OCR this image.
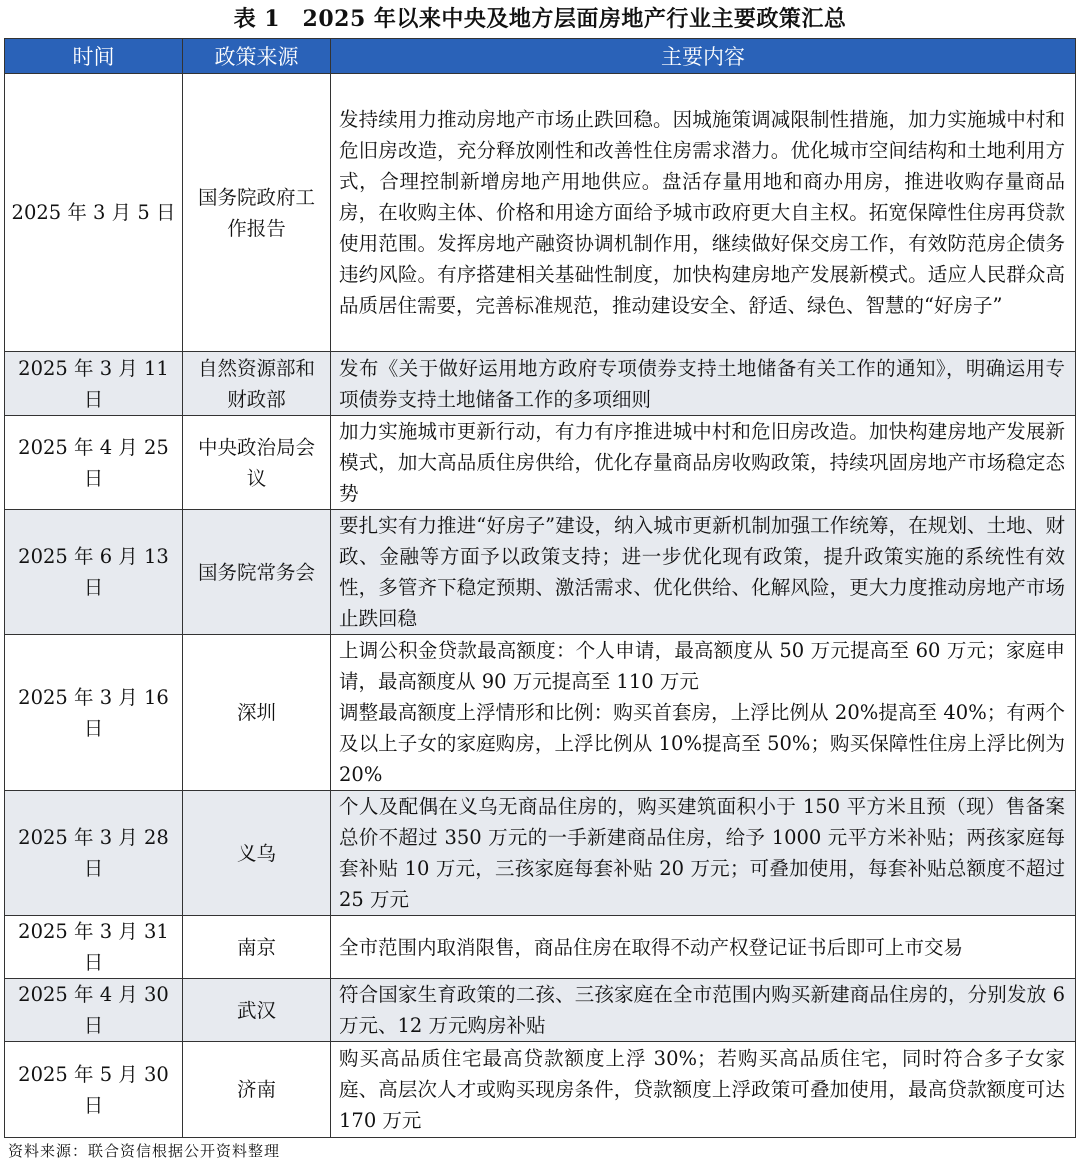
表 1　2025 年以来中央及地方层面房地产行业主要政策汇总
时间	政策来源	主要内容
2025 年 3 月 5 日	国务院政府工作报告	发持续用力推动房地产市场止跌回稳。因城施策调减限制性措施，加力实施城中村和危旧房改造，充分释放刚性和改善性住房需求潜力。优化城市空间结构和土地利用方式，合理控制新增房地产用地供应。盘活存量用地和商办用房，推进收购存量商品房，在收购主体、价格和用途方面给予城市政府更大自主权。拓宽保障性住房再贷款使用范围。发挥房地产融资协调机制作用，继续做好保交房工作，有效防范房企债务违约风险。有序搭建相关基础性制度，加快构建房地产发展新模式。适应人民群众高品质居住需要，完善标准规范，推动建设安全、舒适、绿色、智慧的“好房子”
2025 年 3 月 11 日	自然资源部和财政部	发布《关于做好运用地方政府专项债券支持土地储备有关工作的通知》，明确运用专项债券支持土地储备工作的多项细则
2025 年 4 月 25 日	中央政治局会议	加力实施城市更新行动，有力有序推进城中村和危旧房改造。加快构建房地产发展新模式，加大高品质住房供给，优化存量商品房收购政策，持续巩固房地产市场稳定态势
2025 年 6 月 13 日	国务院常务会	要扎实有力推进“好房子”建设，纳入城市更新机制加强工作统筹，在规划、土地、财政、金融等方面予以政策支持；进一步优化现有政策，提升政策实施的系统性有效性，多管齐下稳定预期、激活需求、优化供给、化解风险，更大力度推动房地产市场止跌回稳
2025 年 3 月 16 日	深圳	上调公积金贷款最高额度：个人申请，最高额度从 50 万元提高至 60 万元；家庭申请，最高额度从 90 万元提高至 110 万元
调整最高额度上浮情形和比例：购买首套房，上浮比例从 20%提高至 40%；有两个及以上子女的家庭购房，上浮比例从 10%提高至 50%；购买保障性住房上浮比例为 20%
2025 年 3 月 28 日	义乌	个人及配偶在义乌无商品住房的，购买建筑面积小于 150 平方米且预（现）售备案总价不超过 350 万元的一手新建商品住房，给予 1000 元平方米补贴；两孩家庭每套补贴 10 万元，三孩家庭每套补贴 20 万元；可叠加使用，每套补贴总额度不超过 25 万元
2025 年 3 月 31 日	南京	全市范围内取消限售，商品住房在取得不动产权登记证书后即可上市交易
2025 年 4 月 30 日	武汉	符合国家生育政策的二孩、三孩家庭在全市范围内购买新建商品住房的，分别发放 6 万元、12 万元购房补贴
2025 年 5 月 30 日	济南	购买高品质住宅最高贷款额度上浮 30%；若购买高品质住宅，同时符合多子女家庭、高层次人才或购买现房条件，贷款额度上浮政策可叠加使用，最高贷款额度可达 170 万元
资料来源：联合资信根据公开资料整理
